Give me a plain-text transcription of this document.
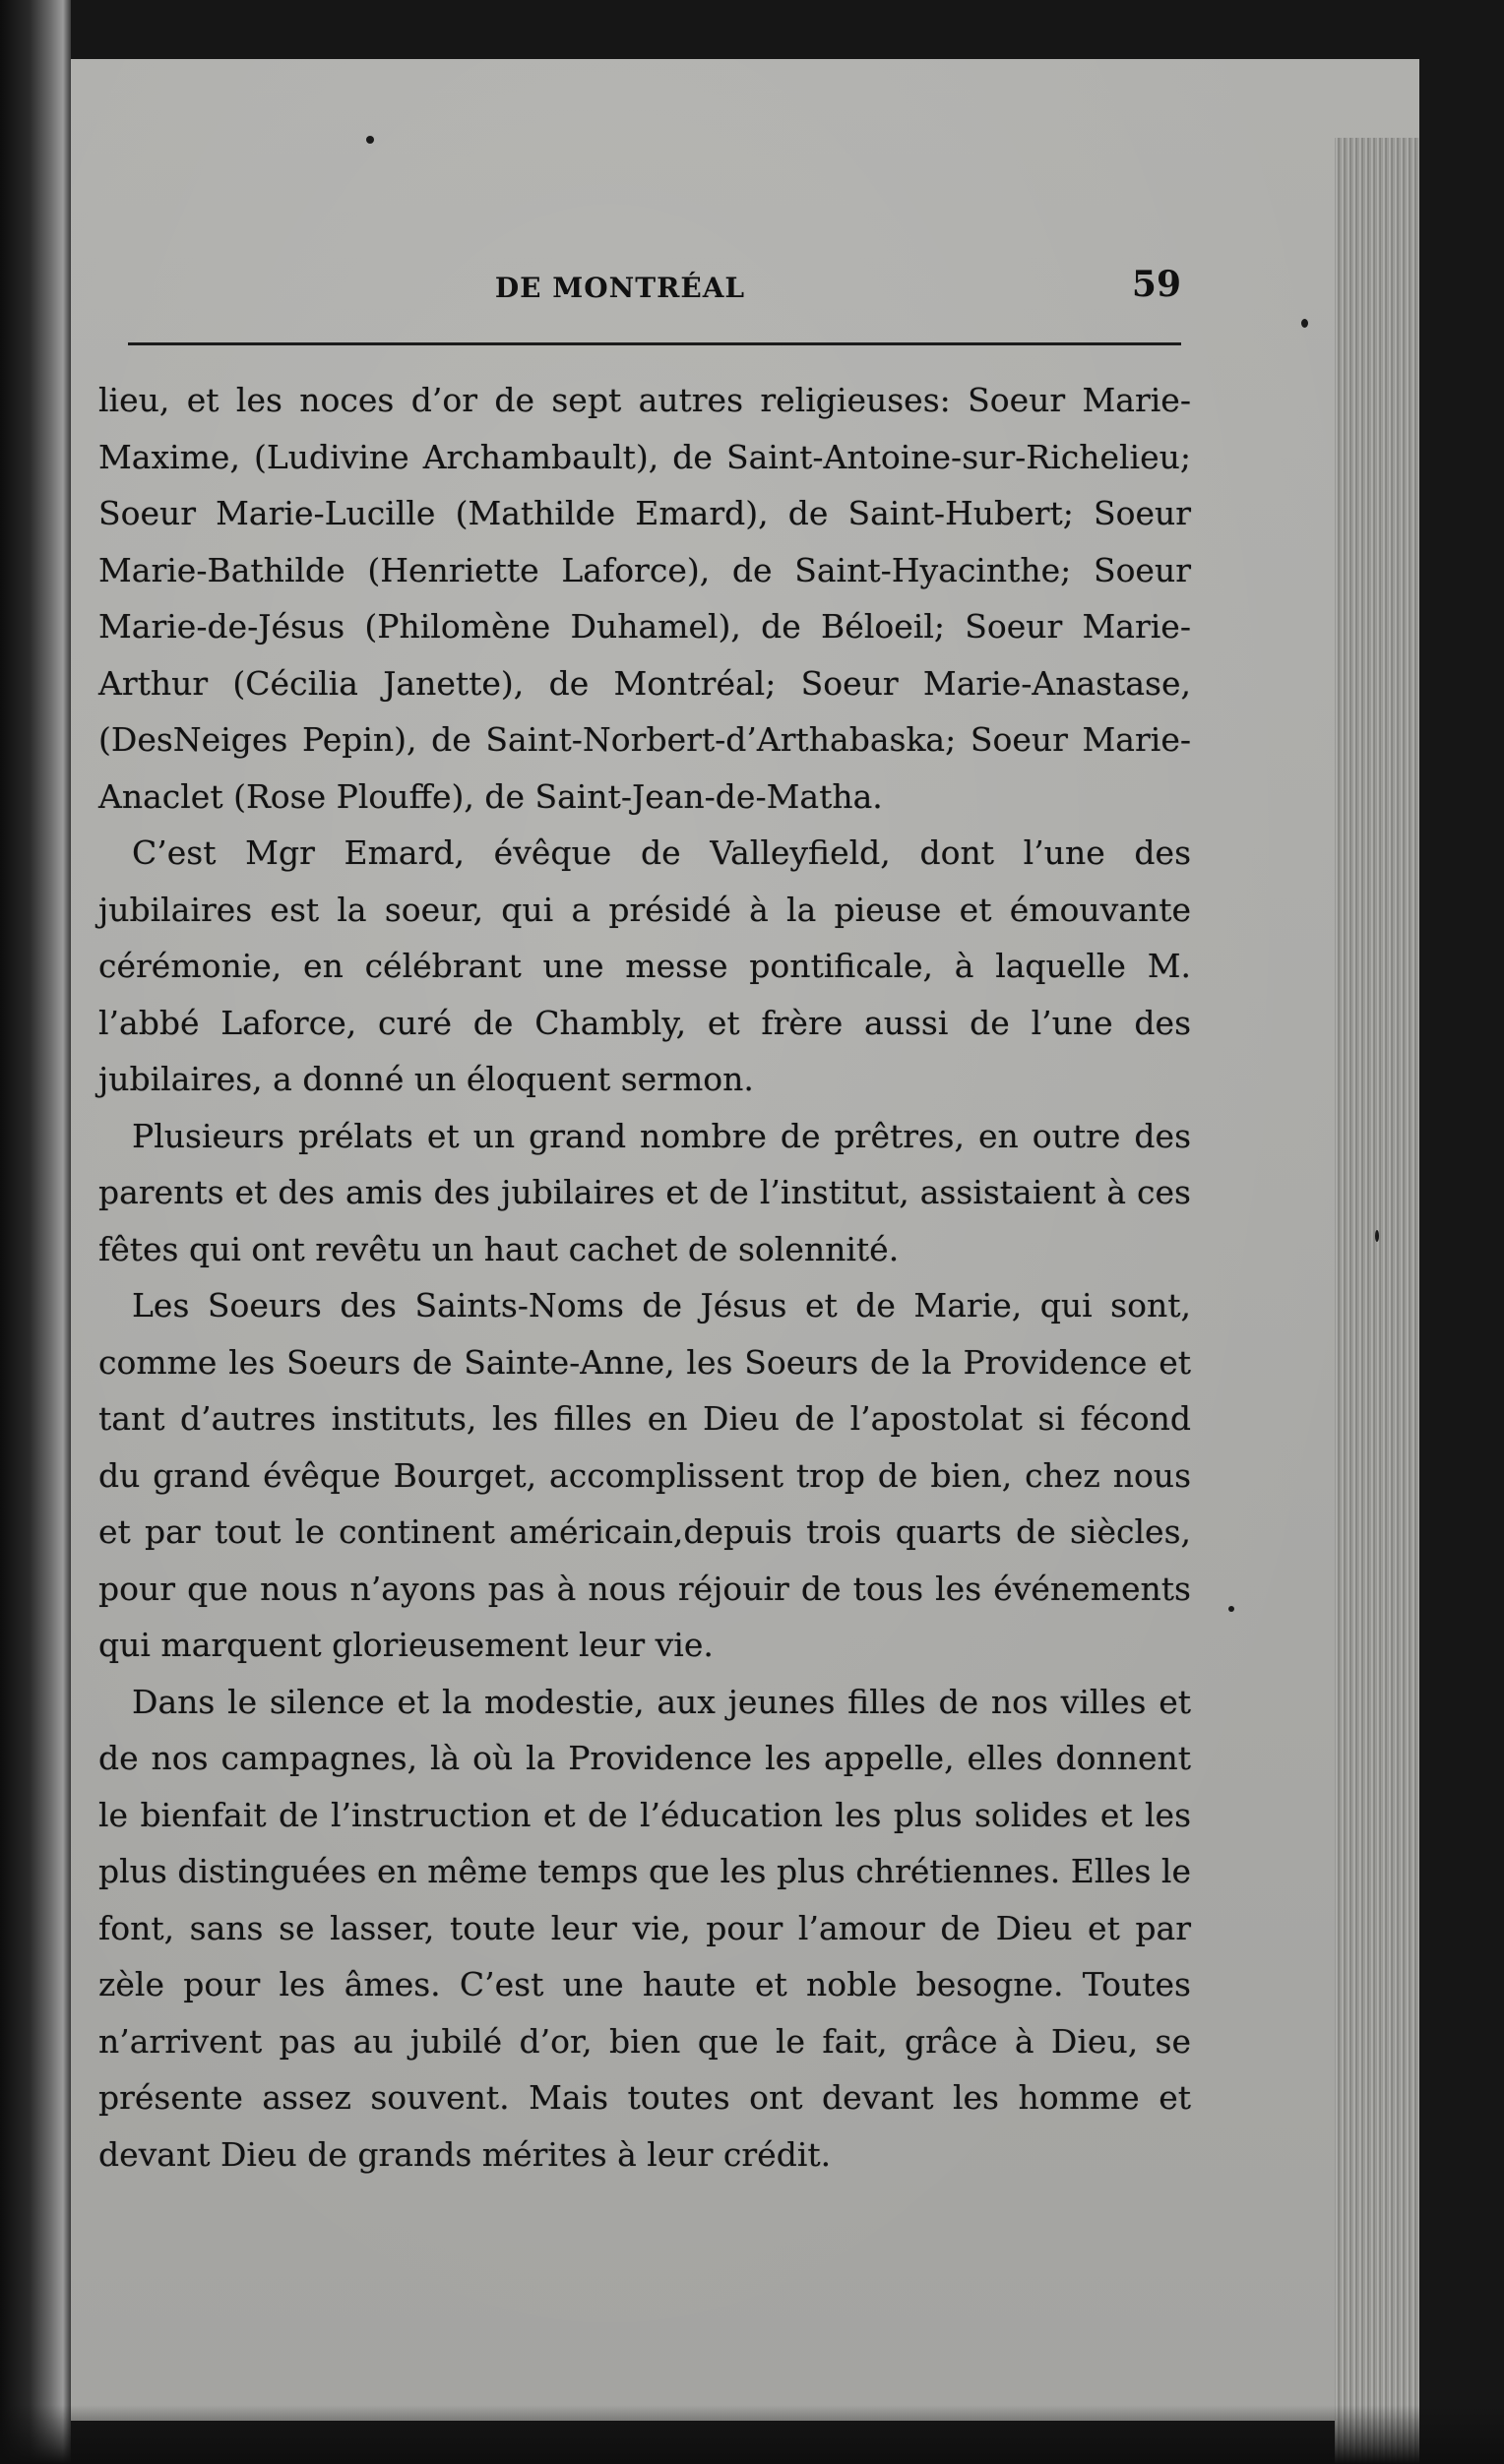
DE MONTRÉAL	59

lieu, et les noces d’or de sept autres religieuses: Soeur Marie-Maxime, (Ludivine Archambault), de Saint-Antoine-sur-Richelieu; Soeur Marie-Lucille (Mathilde Emard), de Saint-Hubert; Soeur Marie-Bathilde (Henriette Laforce), de Saint-Hyacinthe; Soeur Marie-de-Jésus (Philomène Duhamel), de Béloeil; Soeur Marie-Arthur (Cécilia Janette), de Montréal; Soeur Marie-Anastase, (DesNeiges Pepin), de Saint-Norbert-d’Arthabaska; Soeur Marie-Anaclet (Rose Plouffe), de Saint-Jean-de-Matha.

C’est Mgr Emard, évêque de Valleyfield, dont l’une des jubilaires est la soeur, qui a présidé à la pieuse et émouvante cérémonie, en célébrant une messe pontificale, à laquelle M. l’abbé Laforce, curé de Chambly, et frère aussi de l’une des jubilaires, a donné un éloquent sermon.

Plusieurs prélats et un grand nombre de prêtres, en outre des parents et des amis des jubilaires et de l’institut, assistaient à ces fêtes qui ont revêtu un haut cachet de solennité.

Les Soeurs des Saints-Noms de Jésus et de Marie, qui sont, comme les Soeurs de Sainte-Anne, les Soeurs de la Providence et tant d’autres instituts, les filles en Dieu de l’apostolat si fécond du grand évêque Bourget, accomplissent trop de bien, chez nous et par tout le continent américain,depuis trois quarts de siècles, pour que nous n’ayons pas à nous réjouir de tous les événements qui marquent glorieusement leur vie.

Dans le silence et la modestie, aux jeunes filles de nos villes et de nos campagnes, là où la Providence les appelle, elles donnent le bienfait de l’instruction et de l’éducation les plus solides et les plus distinguées en même temps que les plus chrétiennes. Elles le font, sans se lasser, toute leur vie, pour l’amour de Dieu et par zèle pour les âmes. C’est une haute et noble besogne. Toutes n’arrivent pas au jubilé d’or, bien que le fait, grâce à Dieu, se présente assez souvent. Mais toutes ont devant les homme et devant Dieu de grands mérites à leur crédit.
